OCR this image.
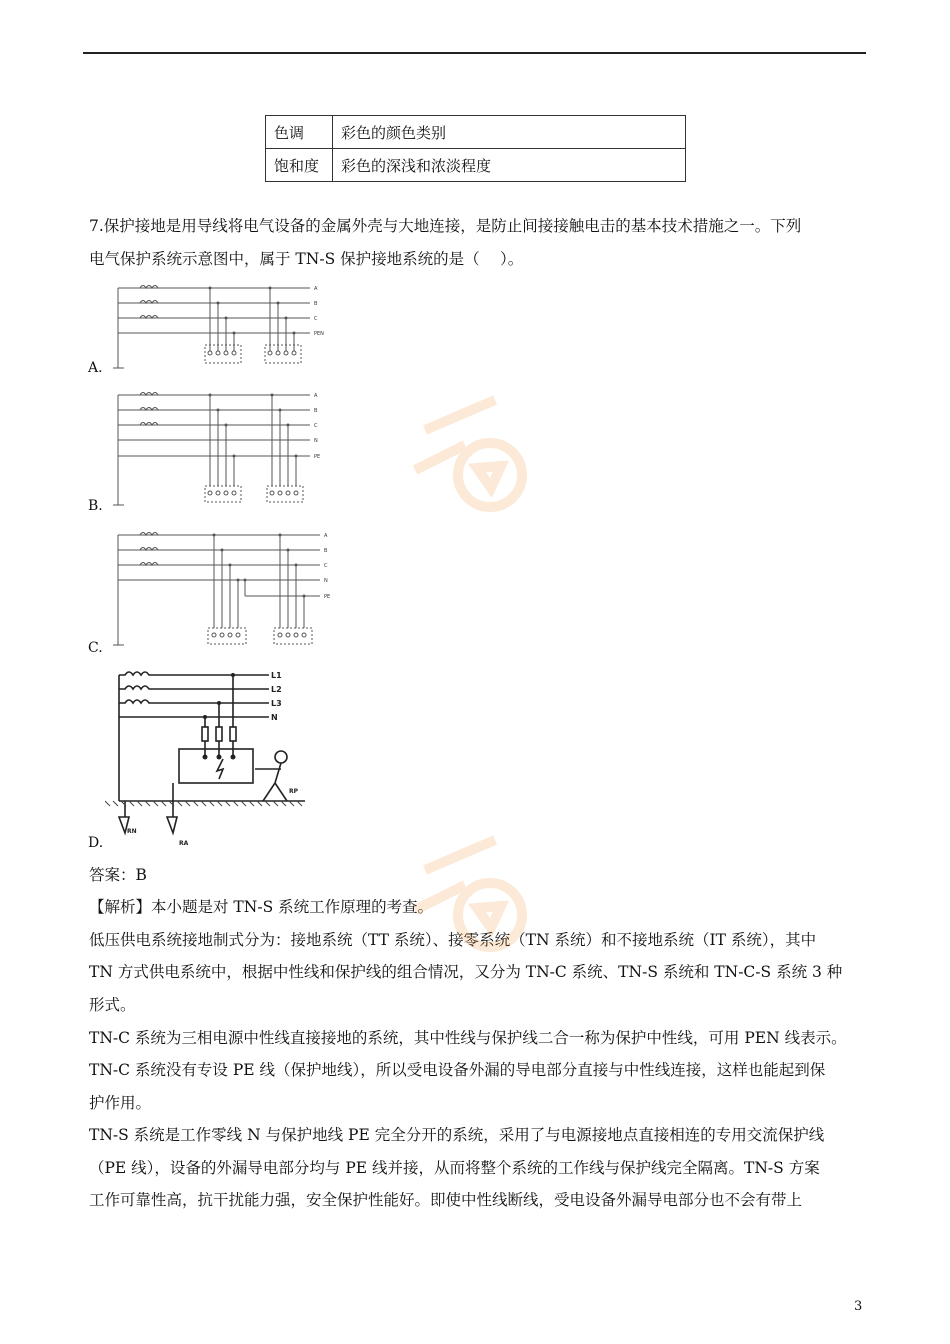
色调	彩色的颜色类别
饱和度	彩色的深浅和浓淡程度
7.保护接地是用导线将电气设备的金属外壳与大地连接，是防止间接接触电击的基本技术措施之一。下列
电气保护系统示意图中，属于 TN-S 保护接地系统的是（　 ）。
A
B
C
PEN
A.
A
B
C
N
PE
B.
A
B
C
N
PE
C.
L1
L2
L3
N
RP
RN
RA
D.
答案：B
【解析】本小题是对 TN-S 系统工作原理的考查。
低压供电系统接地制式分为：接地系统（TT 系统）、接零系统（TN 系统）和不接地系统（IT 系统），其中
TN 方式供电系统中，根据中性线和保护线的组合情况，又分为 TN-C 系统、TN-S 系统和 TN-C-S 系统 3 种
形式。
TN-C 系统为三相电源中性线直接接地的系统，其中性线与保护线二合一称为保护中性线，可用 PEN 线表示。
TN-C 系统没有专设 PE 线（保护地线），所以受电设备外漏的导电部分直接与中性线连接，这样也能起到保
护作用。
TN-S 系统是工作零线 N 与保护地线 PE 完全分开的系统，采用了与电源接地点直接相连的专用交流保护线
（PE 线），设备的外漏导电部分均与 PE 线并接，从而将整个系统的工作线与保护线完全隔离。TN-S 方案
工作可靠性高，抗干扰能力强，安全保护性能好。即使中性线断线，受电设备外漏导电部分也不会有带上
3
